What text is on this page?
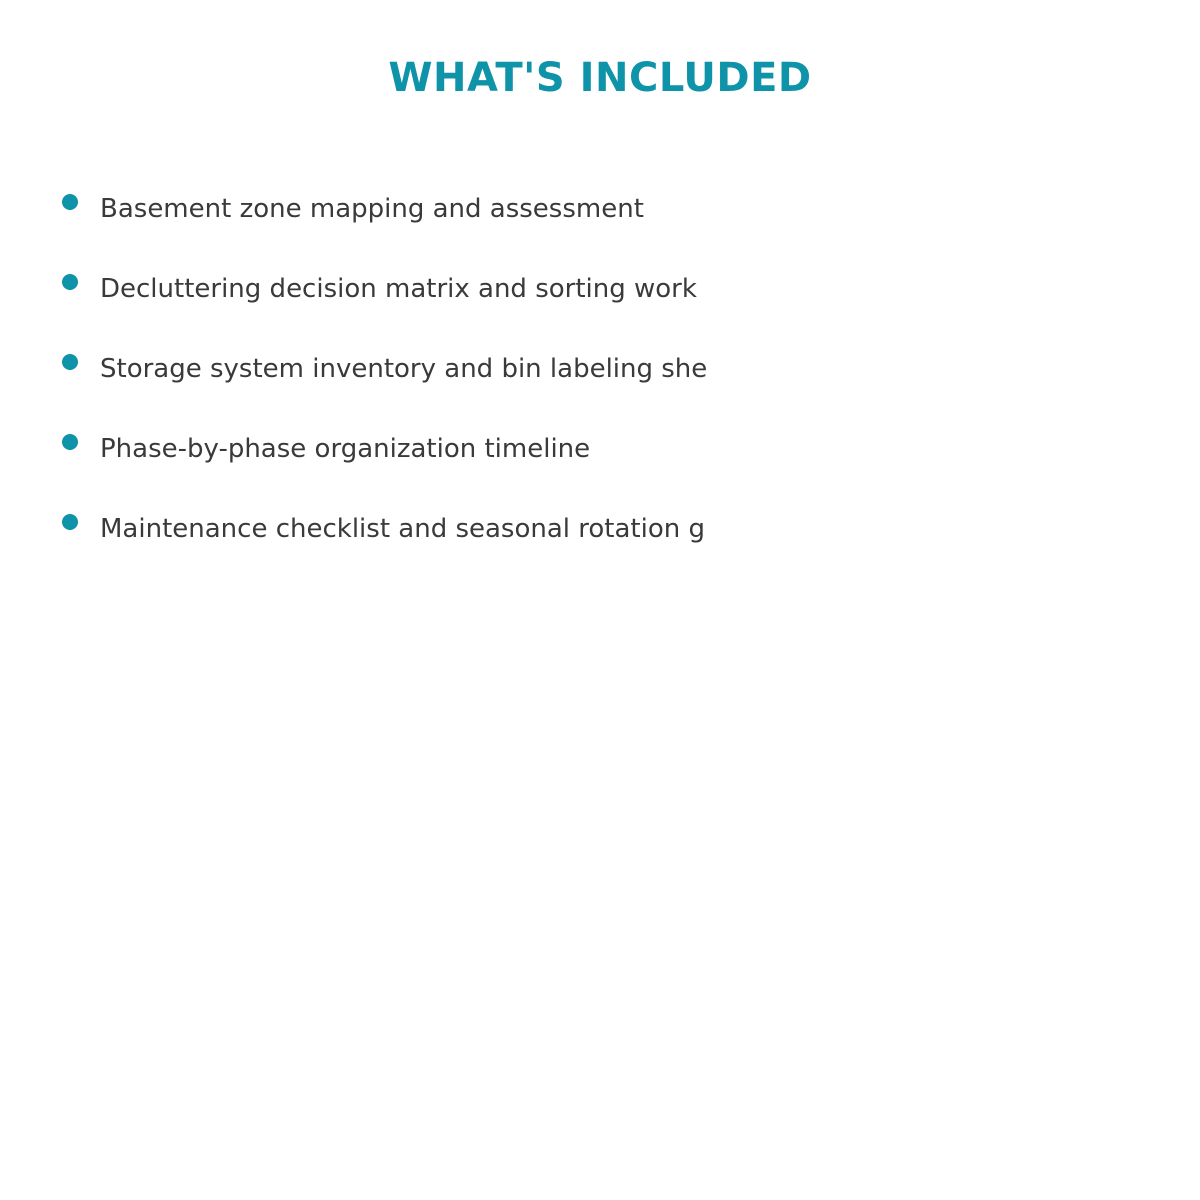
WHAT'S INCLUDED
Basement zone mapping and assessment
Decluttering decision matrix and sorting work
Storage system inventory and bin labeling she
Phase-by-phase organization timeline
Maintenance checklist and seasonal rotation g
